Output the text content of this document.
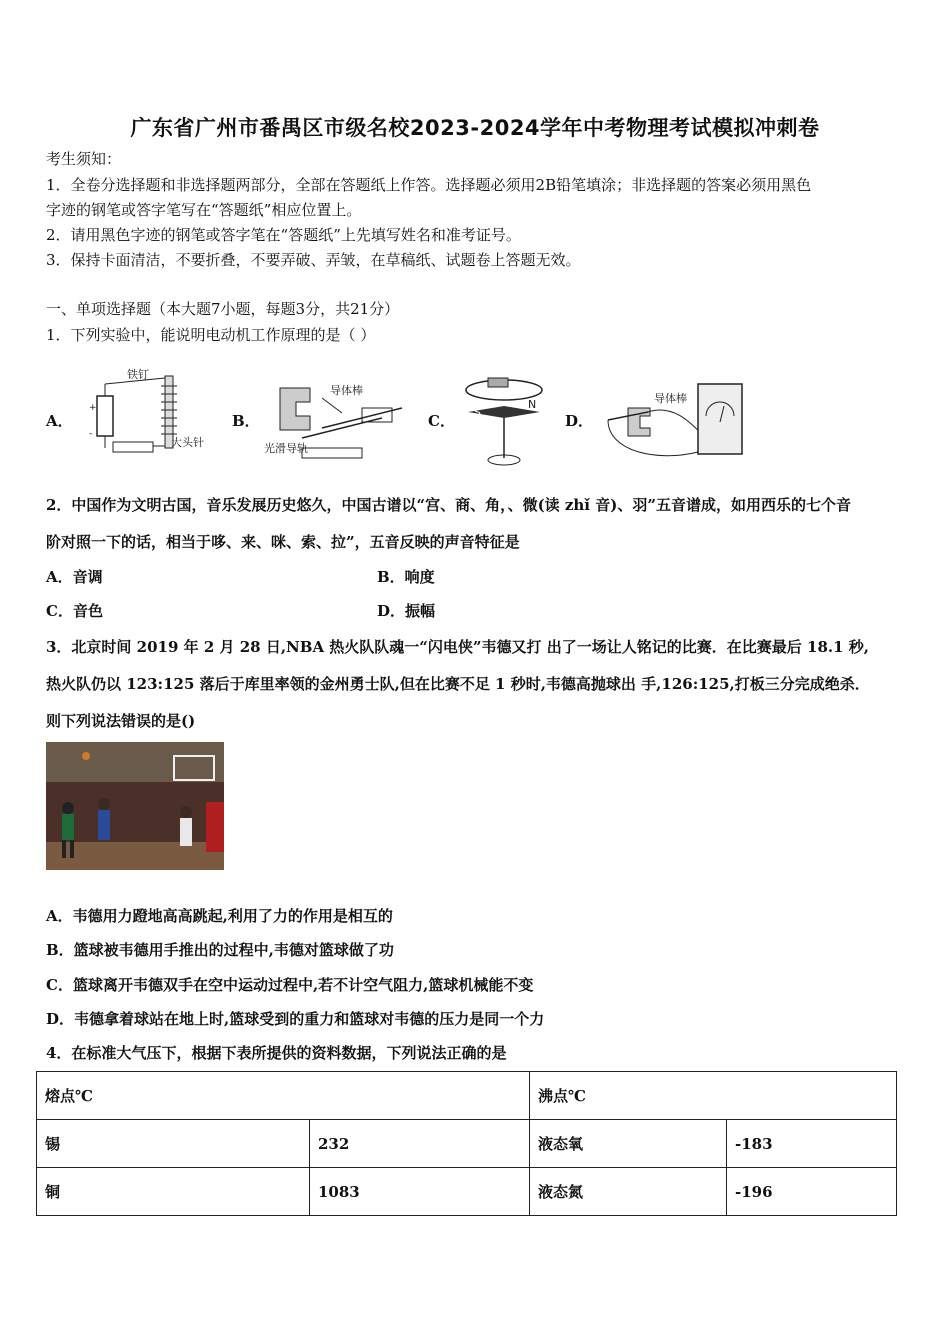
广东省广州市番禺区市级名校2023-2024学年中考物理考试模拟冲刺卷
考生须知：
1．全卷分选择题和非选择题两部分，全部在答题纸上作答。选择题必须用2B铅笔填涂；非选择题的答案必须用黑色
字迹的钢笔或答字笔写在“答题纸”相应位置上。
2．请用黑色字迹的钢笔或答字笔在“答题纸”上先填写姓名和准考证号。
3．保持卡面清洁，不要折叠，不要弄破、弄皱，在草稿纸、试题卷上答题无效。
一、单项选择题（本大题7小题，每题3分，共21分）
1．下列实验中，能说明电动机工作原理的是（ ）
A．
+
-
铁钉
大头针
B．
导体棒
光滑导轨
C． S
N
D．
导体棒
2．中国作为文明古国，音乐发展历史悠久，中国古谱以“宫、商、角，、微(读 zhǐ 音)、羽”五音谱成，如用西乐的七个音
阶对照一下的话，相当于哆、来、咪、索、拉”，五音反映的声音特征是
A．音调	B．响度
C．音色	D．振幅
3．北京时间 2019 年 2 月 28 日,NBA 热火队队魂一“闪电侠”韦德又打 出了一场让人铭记的比赛．在比赛最后 18.1 秒,
热火队仍以 123:125 落后于库里率领的金州勇士队,但在比赛不足 1 秒时,韦德高抛球出 手,126:125,打板三分完成绝杀．
则下列说法错误的是()
A．韦德用力蹬地高高跳起,利用了力的作用是相互的
B．篮球被韦德用手推出的过程中,韦德对篮球做了功
C．篮球离开韦德双手在空中运动过程中,若不计空气阻力,篮球机械能不变
D．韦德拿着球站在地上时,篮球受到的重力和篮球对韦德的压力是同一个力
4．在标准大气压下，根据下表所提供的资料数据，下列说法正确的是
熔点℃		沸点℃	
锡	232	液态氧	-183
铜	1083	液态氮	-196
